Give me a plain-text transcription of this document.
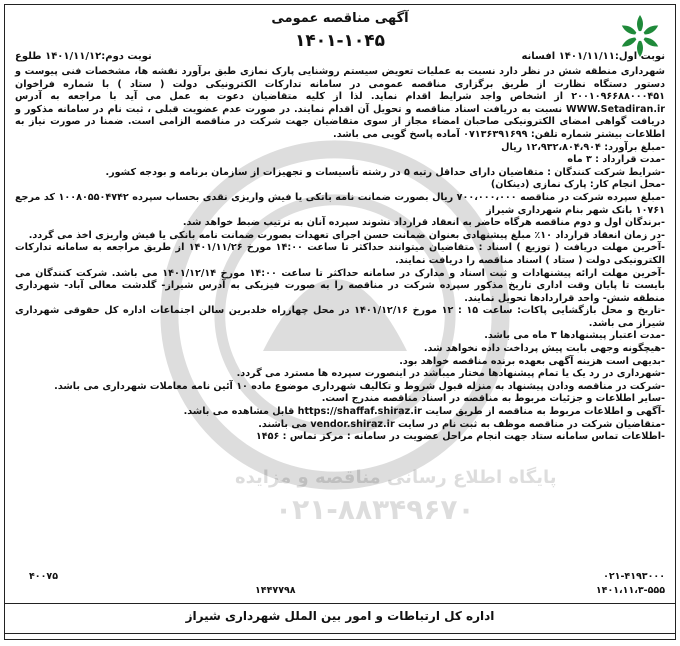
پایگاه اطلاع رسانی مناقصه و مزایده
۰۲۱-۸۸۳۴۹۶۷۰
آگهی مناقصه عمومی
۱۴۰۱-۱۰۴۵
نوبت اول:۱۴۰۱/۱۱/۱۱ افسانه
نوبت دوم:۱۴۰۱/۱۱/۱۲ طلوع

شهرداری منطقه شش در نظر دارد نسبت به عملیات تعویض سیستم روشنایی پارک نمازی طبق برآورد نقشه ها، مشخصات فنی پیوست و دستور دستگاه نظارت از طریق برگزاری مناقصه عمومی در سامانه تدارکات الکترونیکی دولت ( ستاد ) با شماره فراخوان ۲۰۰۱۰۹۶۶۸۸۰۰۰۴۵۱ از اشخاص واجد شرایط اقدام نماید. لذا از کلیه متقاضیان دعوت به عمل می آید با مراجعه به آدرس WWW.Setadiran.ir نسبت به دریافت اسناد مناقصه و تحویل آن اقدام نمایند. در صورت عدم عضویت قبلی ، ثبت نام در سامانه مذکور و دریافت گواهی امضای الکترونیکی صاحبان امضاء مجاز از سوی متقاضیان جهت شرکت در مناقصه الزامی است. ضمنا در صورت نیاز به اطلاعات بیشتر شماره تلفن: ۰۷۱۳۶۳۹۱۶۹۹ آماده پاسخ گویی می باشد.

-مبلغ برآورد: ۱۲،۹۳۲،۸۰۴،۹۰۴ ریال

-مدت قرارداد : ۳ ماه

-شرایط شرکت کنندگان : متقاضیان دارای حداقل رتبه ۵ در رشته تأسیسات و تجهیزات از سازمان برنامه و بودجه کشور.

-محل انجام کار: پارک نمازی (دینکان)

-مبلغ سپرده شرکت در مناقصه ۷۰۰،۰۰۰،۰۰۰ ریال بصورت ضمانت نامه بانکی یا فیش واریزی نقدی بحساب سپرده ۱۰۰۸۰۵۵۰۴۷۴۲ کد مرجع ۱۰۷۶۱ بانک شهر بنام شهرداری شیراز

-برندگان اول و دوم مناقصه هرگاه حاضر به انعقاد قرارداد نشوند سپرده آنان به ترتیب ضبط خواهد شد.

-در زمان انعقاد قرارداد ۱۰٪ مبلغ پیشنهادی بعنوان ضمانت حسن اجرای تعهدات بصورت ضمانت نامه بانکی یا فیش واریزی اخذ می گردد.

-آخرین مهلت دریافت ( توزیع ) اسناد : متقاضیان میتوانند حداکثر تا ساعت ۱۴:۰۰ مورخ ۱۴۰۱/۱۱/۲۶ از طریق مراجعه به سامانه تدارکات الکترونیکی دولت ( ستاد ) اسناد مناقصه را دریافت نمایند.

-آخرین مهلت ارائه پیشنهادات و ثبت اسناد و مدارک در سامانه حداکثر تا ساعت ۱۴:۰۰ مورخ ۱۴۰۱/۱۲/۱۴ می باشد. شرکت کنندگان می بایست تا پایان وقت اداری تاریخ مذکور سپرده شرکت در مناقصه را به صورت فیزیکی به آدرس شیراز- گلدشت معالی آباد- شهرداری منطقه شش- واحد قراردادها تحویل نمایند.

-تاریخ و محل بازگشایی پاکات: ساعت ۱۵ : ۱۲ مورخ ۱۴۰۱/۱۲/۱۶ در محل چهارراه خلدبرین سالن اجتماعات اداره کل حقوقی شهرداری شیراز می باشد.

-مدت اعتبار پیشنهادها ۳ ماه می باشد.

-هیچگونه وجهی بابت پیش پرداخت داده نخواهد شد.

-بدیهی است هزینه آگهی بعهده برنده مناقصه خواهد بود.

-شهرداری در رد یک یا تمام پیشنهادها مختار میباشد در اینصورت سپرده ها مسترد می گردد.

-شرکت در مناقصه ودادن پیشنهاد به منزله قبول شروط و تکالیف شهرداری موضوع ماده ۱۰ آئین نامه معاملات شهرداری می باشد.

-سایر اطلاعات و جزئیات مربوط به مناقصه در اسناد مناقصه مندرج است.

-آگهی و اطلاعات مربوط به مناقصه از طریق سایت https://shaffaf.shiraz.ir قابل مشاهده می باشد.

-متقاضیان شرکت در مناقصه موظف به ثبت نام در سایت vendor.shiraz.ir می باشند.

-اطلاعات تماس سامانه ستاد جهت انجام مراحل عضویت در سامانه : مرکز تماس : ۱۴۵۶

۰۲۱-۴۱۹۳۰۰۰
۱۴۰۱،۱۱،۳-۵۵۵
۱۴۴۷۷۹۸
۴۰۰۷۵
اداره کل ارتباطات و امور بین الملل شهرداری شیراز
